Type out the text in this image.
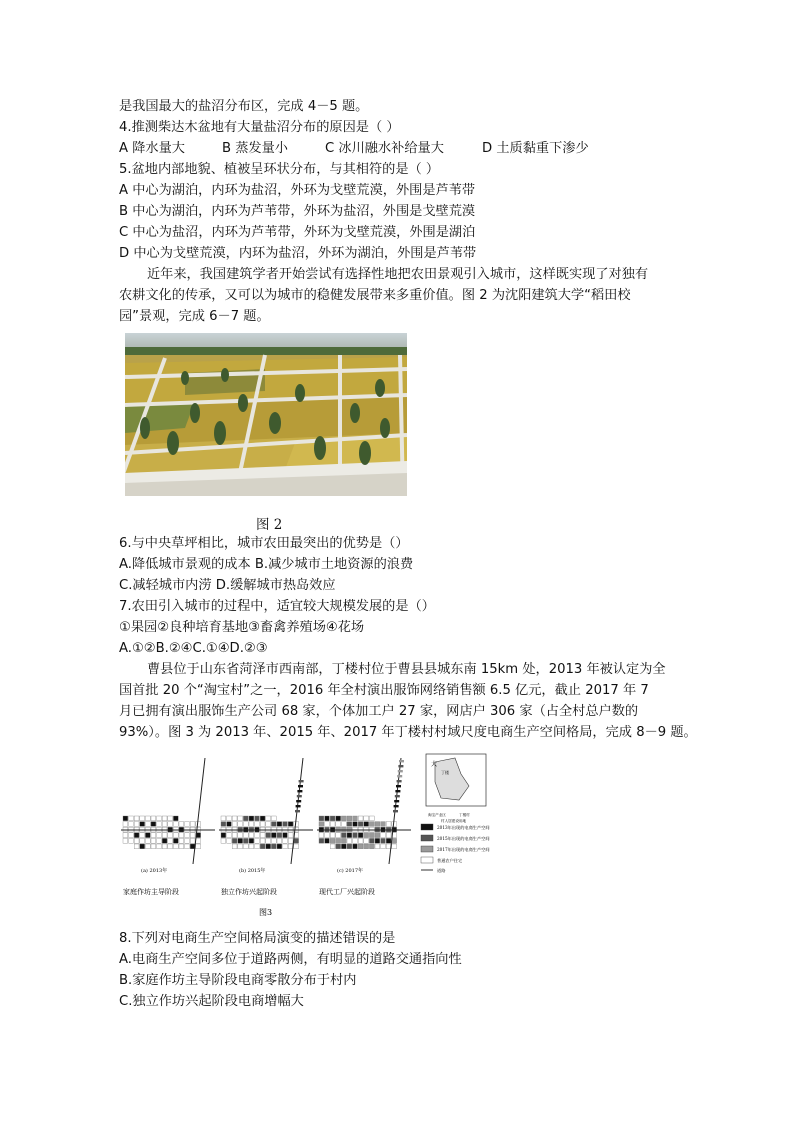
是我国最大的盐沼分布区，完成 4－5 题。
4.推测柴达木盆地有大量盐沼分布的原因是（ ）
A 降水量大	B 蒸发量小	C 冰川融水补给量大	D 土质黏重下渗少
5.盆地内部地貌、植被呈环状分布，与其相符的是（ ）
A 中心为湖泊，内环为盐沼，外环为戈壁荒漠，外围是芦苇带
B 中心为湖泊，内环为芦苇带，外环为盐沼，外围是戈壁荒漠
C 中心为盐沼，内环为芦苇带，外环为戈壁荒漠，外围是湖泊
D 中心为戈壁荒漠，内环为盐沼，外环为湖泊，外围是芦苇带
近年来，我国建筑学者开始尝试有选择性地把农田景观引入城市，这样既实现了对独有
农耕文化的传承，又可以为城市的稳健发展带来多重价值。图 2 为沈阳建筑大学“稻田校
园”景观，完成 6－7 题。
图 2
6.与中央草坪相比，城市农田最突出的优势是（）
A.降低城市景观的成本 B.减少城市土地资源的浪费
C.减轻城市内涝 D.缓解城市热岛效应
7.农田引入城市的过程中，适宜较大规模发展的是（）
①果园②良种培育基地③畜禽养殖场④花场
A.①②B.②④C.①④D.②③
曹县位于山东省菏泽市西南部，丁楼村位于曹县县城东南 15km 处，2013 年被认定为全
国首批 20 个“淘宝村”之一，2016 年全村演出服饰网络销售额 6.5 亿元，截止 2017 年 7
月已拥有演出服饰生产公司 68 家，个体加工户 27 家，网店户 306 家（占全村总户数的
93%）。图 3 为 2013 年、2015 年、2017 年丁楼村村域尺度电商生产空间格局，完成 8－9 题。
(a) 2013年
家庭作坊主导阶段
(b) 2015年
独立作坊兴起阶段
(c) 2017年
现代工厂兴起阶段
大
丁楼
淘宝产业区	丁楼村
村人居建设用地
2013年出现的电商生产空间
2015年出现的电商生产空间
2017年出现的电商生产空间
普通农户住宅
道路
图3
8.下列对电商生产空间格局演变的描述错误的是
A.电商生产空间多位于道路两侧，有明显的道路交通指向性
B.家庭作坊主导阶段电商零散分布于村内
C.独立作坊兴起阶段电商增幅大
